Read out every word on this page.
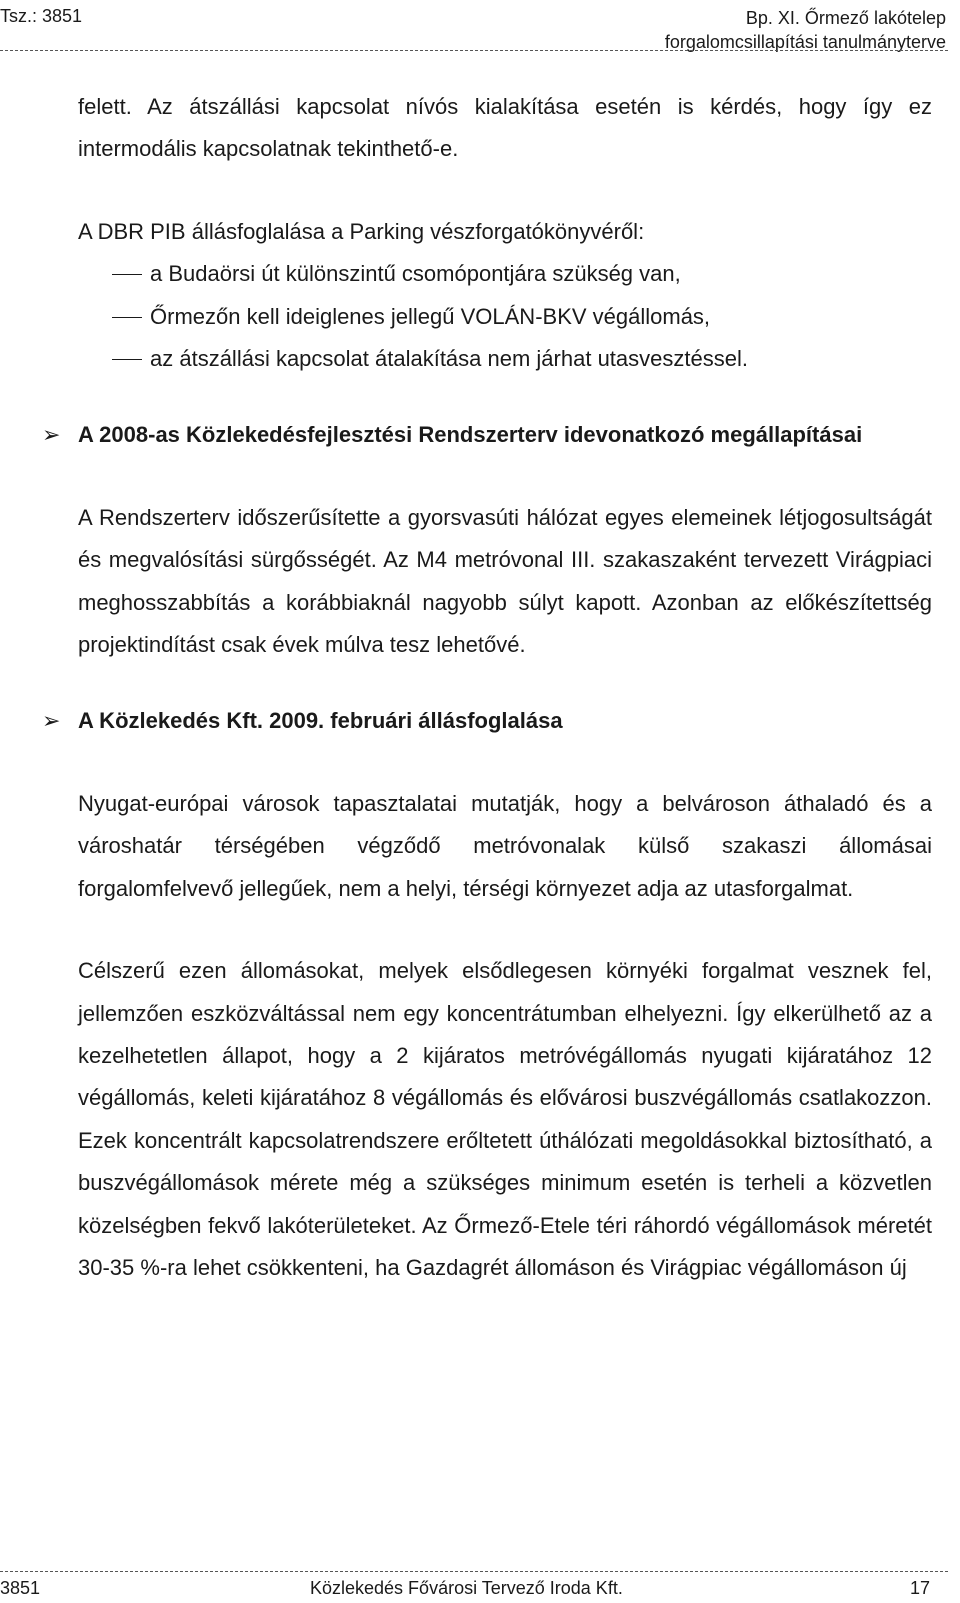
Tsz.: 3851	Bp. XI. Őrmező lakótelep
forgalomcsillapítási tanulmányterve

felett. Az átszállási kapcsolat nívós kialakítása esetén is kérdés, hogy így ez intermodális kapcsolatnak tekinthető-e.

A DBR PIB állásfoglalása a Parking vészforgatókönyvéről:

a Budaörsi út különszintű csomópontjára szükség van,

Őrmezőn kell ideiglenes jellegű VOLÁN-BKV végállomás,

az átszállási kapcsolat átalakítása nem járhat utasvesztéssel.

➢ A 2008-as Közlekedésfejlesztési Rendszerterv idevonatkozó megállapításai

A Rendszerterv időszerűsítette a gyorsvasúti hálózat egyes elemeinek létjogosultságát és megvalósítási sürgősségét. Az M4 metróvonal III. szakaszaként tervezett Virágpiaci meghosszabbítás a korábbiaknál nagyobb súlyt kapott. Azonban az előkészítettség projektindítást csak évek múlva tesz lehetővé.

➢ A Közlekedés Kft. 2009. februári állásfoglalása

Nyugat-európai városok tapasztalatai mutatják, hogy a belvároson áthaladó és a városhatár térségében végződő metróvonalak külső szakaszi állomásai forgalomfelvevő jellegűek, nem a helyi, térségi környezet adja az utasforgalmat.

Célszerű ezen állomásokat, melyek elsődlegesen környéki forgalmat vesznek fel, jellemzően eszközváltással nem egy koncentrátumban elhelyezni. Így elkerülhető az a kezelhetetlen állapot, hogy a 2 kijáratos metróvégállomás nyugati kijáratához 12 végállomás, keleti kijáratához 8 végállomás és elővárosi buszvégállomás csatlakozzon. Ezek koncentrált kapcsolatrendszere erőltetett úthálózati megoldásokkal biztosítható, a buszvégállomások mérete még a szükséges minimum esetén is terheli a közvetlen közelségben fekvő lakóterületeket. Az Őrmező-Etele téri ráhordó végállomások méretét 30-35 %-ra lehet csökkenteni, ha Gazdagrét állomáson és Virágpiac végállomáson új

3851	Közlekedés Fővárosi Tervező Iroda Kft.	17
